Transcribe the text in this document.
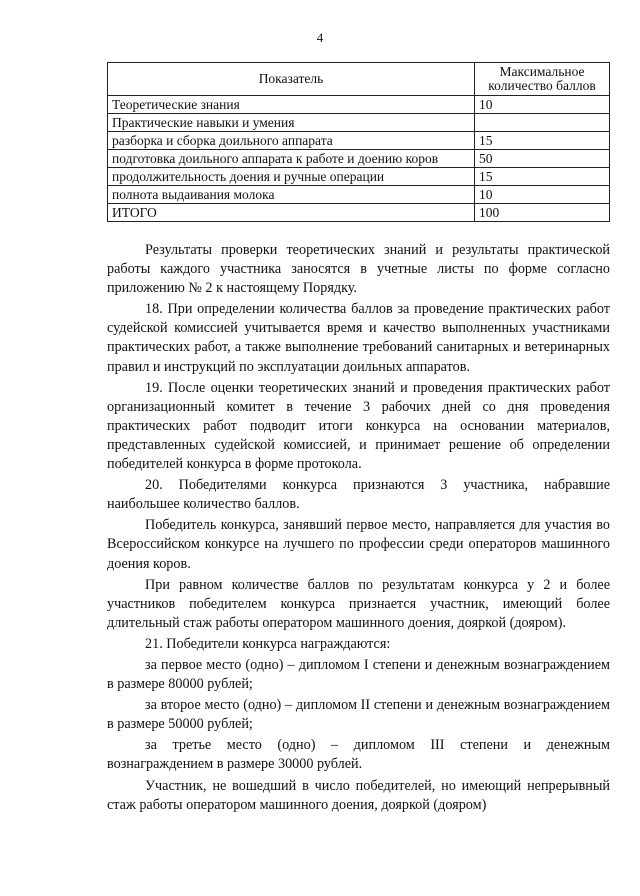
4
Показатель	Максимальное количество баллов
Теоретические знания	10
Практические навыки и умения	
разборка и сборка доильного аппарата	15
подготовка доильного аппарата к работе и доению коров	50
продолжительность доения и ручные операции	15
полнота выдаивания молока	10
ИТОГО	100

Результаты проверки теоретических знаний и результаты практической работы каждого участника заносятся в учетные листы по форме согласно приложению № 2 к настоящему Порядку.

18. При определении количества баллов за проведение практических работ судейской комиссией учитывается время и качество выполненных участниками практических работ, а также выполнение требований санитарных и ветеринарных правил и инструкций по эксплуатации доильных аппаратов.

19. После оценки теоретических знаний и проведения практических работ организационный комитет в течение 3 рабочих дней со дня проведения практических работ подводит итоги конкурса на основании материалов, представленных судейской комиссией, и принимает решение об определении победителей конкурса в форме протокола.

20. Победителями конкурса признаются 3 участника, набравшие наибольшее количество баллов.

Победитель конкурса, занявший первое место, направляется для участия во Всероссийском конкурсе на лучшего по профессии среди операторов машинного доения коров.

При равном количестве баллов по результатам конкурса у 2 и более участников победителем конкурса признается участник, имеющий более длительный стаж работы оператором машинного доения, дояркой (дояром).

21. Победители конкурса награждаются:

за первое место (одно) – дипломом I степени и денежным вознаграждением в размере 80000 рублей;

за второе место (одно) – дипломом II степени и денежным вознаграждением в размере 50000 рублей;

за третье место (одно) – дипломом III степени и денежным вознаграждением в размере 30000 рублей.

Участник, не вошедший в число победителей, но имеющий непрерывный стаж работы оператором машинного доения, дояркой (дояром)
